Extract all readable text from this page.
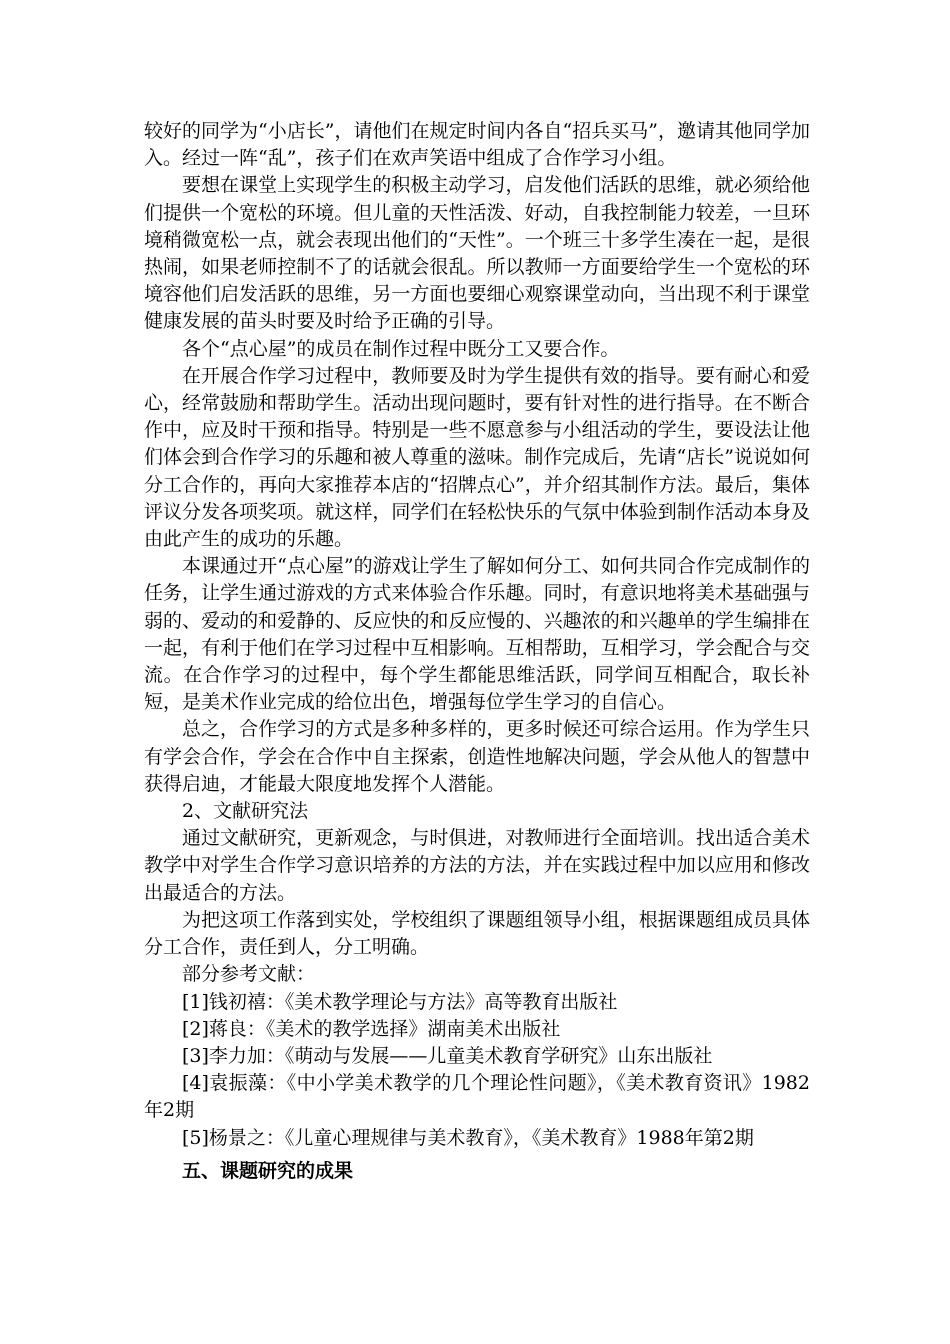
较好的同学为“小店长”，请他们在规定时间内各自“招兵买马”，邀请其他同学加入。经过一阵“乱”，孩子们在欢声笑语中组成了合作学习小组。

要想在课堂上实现学生的积极主动学习，启发他们活跃的思维，就必须给他们提供一个宽松的环境。但儿童的天性活泼、好动，自我控制能力较差，一旦环境稍微宽松一点，就会表现出他们的“天性”。一个班三十多学生凑在一起，是很热闹，如果老师控制不了的话就会很乱。所以教师一方面要给学生一个宽松的环境容他们启发活跃的思维，另一方面也要细心观察课堂动向，当出现不利于课堂健康发展的苗头时要及时给予正确的引导。

各个“点心屋”的成员在制作过程中既分工又要合作。

在开展合作学习过程中，教师要及时为学生提供有效的指导。要有耐心和爱心，经常鼓励和帮助学生。活动出现问题时，要有针对性的进行指导。在不断合作中，应及时干预和指导。特别是一些不愿意参与小组活动的学生，要设法让他们体会到合作学习的乐趣和被人尊重的滋味。制作完成后，先请“店长”说说如何分工合作的，再向大家推荐本店的“招牌点心”，并介绍其制作方法。最后，集体评议分发各项奖项。就这样，同学们在轻松快乐的气氛中体验到制作活动本身及由此产生的成功的乐趣。

本课通过开“点心屋”的游戏让学生了解如何分工、如何共同合作完成制作的任务，让学生通过游戏的方式来体验合作乐趣。同时，有意识地将美术基础强与弱的、爱动的和爱静的、反应快的和反应慢的、兴趣浓的和兴趣单的学生编排在一起，有利于他们在学习过程中互相影响。互相帮助，互相学习，学会配合与交流。在合作学习的过程中，每个学生都能思维活跃，同学间互相配合，取长补短，是美术作业完成的给位出色，增强每位学生学习的自信心。

总之，合作学习的方式是多种多样的，更多时候还可综合运用。作为学生只有学会合作，学会在合作中自主探索，创造性地解决问题，学会从他人的智慧中获得启迪，才能最大限度地发挥个人潜能。

2、文献研究法

通过文献研究，更新观念，与时俱进，对教师进行全面培训。找出适合美术教学中对学生合作学习意识培养的方法的方法，并在实践过程中加以应用和修改出最适合的方法。

为把这项工作落到实处，学校组织了课题组领导小组，根据课题组成员具体分工合作，责任到人，分工明确。

部分参考文献：

[1]钱初禧：《美术教学理论与方法》高等教育出版社

[2]蒋良：《美术的教学选择》湖南美术出版社

[3]李力加：《萌动与发展——儿童美术教育学研究》山东出版社

[4]袁振藻：《中小学美术教学的几个理论性问题》，《美术教育资讯》1982年2期

[5]杨景之：《儿童心理规律与美术教育》，《美术教育》1988年第2期

五、课题研究的成果
